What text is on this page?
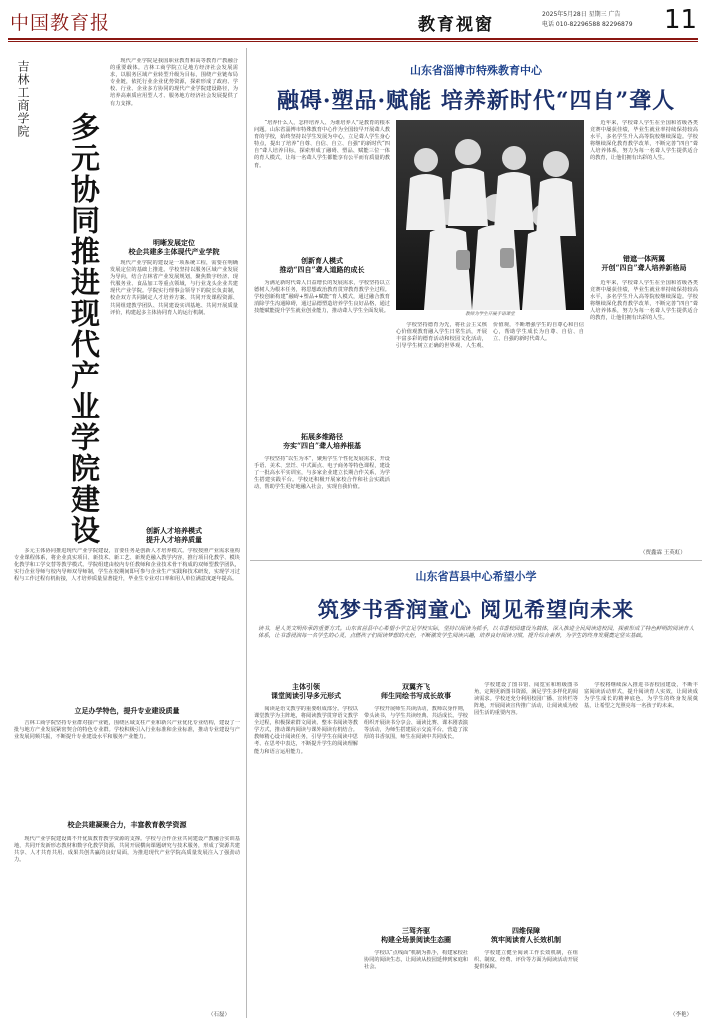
中国教育报	教育视窗
2025年5月28日 星期三 广告
电话 010-82296588 82296879 11
吉林工商学院
多元协同推进现代产业学院建设

现代产业学院是我国职业教育和高等教育产教融合的重要载体。吉林工商学院立足地方经济社会发展需求，以服务区域产业转型升级为目标，围绕产业链布局专业链，依托行业企业优势资源，探索形成了政府、学校、行业、企业多方协同的现代产业学院建设路径，为培养高素质应用型人才、服务地方经济社会发展提供了有力支撑。

明晰发展定位
校企共建多主体现代产业学院

现代产业学院的建设是一项系统工程，需要在明确发展定位的基础上推进。学校坚持以服务区域产业发展为导向，结合吉林省产业发展规划，聚焦数字经济、现代服务业、食品加工等重点领域，与行业龙头企业共建现代产业学院。学院实行理事会领导下的院长负责制，校企双方共同制定人才培养方案、共同开发课程资源、共同组建教学团队、共同建设实训基地、共同开展质量评价，构建起多主体协同育人的运行机制。

创新人才培养模式
提升人才培养质量

多元主体协同推进现代产业学院建设，首要任务是创新人才培养模式。学校按照产业需求重构专业课程体系，将企业真实项目、新技术、新工艺、新规范融入教学内容，推行项目化教学、模块化教学和工学交替等教学模式。学院组建由校内专任教师和企业技术骨干构成的双师型教学团队，实行企业导师与校内导师双导师制，学生在校期间即可参与企业生产实践和技术研发，实现学习过程与工作过程有机衔接，人才培养质量显著提升，毕业生专业对口率和用人单位满意度逐年提高。

立足办学特色，提升专业建设质量

吉林工商学院坚持专业群对接产业链，围绕区域支柱产业和新兴产业优化专业结构，建设了一批与地方产业发展紧密契合的特色专业群。学校积极引入行业标准和企业标准，推动专业建设与产业发展同频共振，不断提升专业建设水平和服务产业能力。

校企共建凝聚合力，丰富教育教学资源

现代产业学院建设离不开优质教育教学资源的支撑。学校与合作企业共同建设产教融合实训基地，共同开发新形态教材和数字化教学资源，共同开展横向课题研究与技术服务，形成了资源共建共享、人才共育共用、成果共创共赢的良好局面，为推进现代产业学院高质量发展注入了强劲动力。

（石磊）
山东省淄博市特殊教育中心
融碍·塑品·赋能 培养新时代“四自”聋人

“培养什么人，怎样培养人、为谁培养人”是教育的根本问题。山东省淄博市特殊教育中心作为全国较早开展聋人教育的学校，始终坚持以学生发展为中心，立足聋人学生身心特点，提出了培养“自尊、自信、自立、自强”的新时代“四自”聋人培养目标，探索形成了融碍、塑品、赋能三位一体的育人模式，让每一名聋人学生都能享有公平而有质量的教育。

创新育人模式
推动“四自”聋人道路的成长

为满足新时代聋人日益增长的发展需求，学校坚持以立德树人为根本任务，将思想政治教育贯穿教育教学全过程。学校创新构建“融碍+塑品+赋能”育人模式，通过融合教育消除学生沟通障碍，通过品德塑造培养学生良好品格，通过技能赋能提升学生就业创业能力，推动聋人学生全面发展。

拓展多维路径
夯实“四自”聋人培养根基

学校坚持“以生为本”，聚焦学生个性化发展需求，开设手语、美术、烹饪、中式面点、电子商务等特色课程，建设了一批高水平实训室，与多家企业建立长期合作关系，为学生搭建实践平台。学校还积极开展家校合作和社会实践活动，帮助学生更好地融入社会，实现自我价值。

教师为学生开展手语课堂

学校坚持德育为先，将社会主义核心价值观教育融入学生日常生活，开展丰富多彩的德育活动和校园文化活动，引导学生树立正确的世界观、人生观、价值观，不断增强学生的自尊心和自信心，帮助学生成长为自尊、自信、自立、自强的新时代聋人。

近年来，学校聋人学生在全国和省级各类竞赛中屡获佳绩，毕业生就业率持续保持较高水平，多名学生升入高等院校继续深造。学校将继续深化教育教学改革，不断完善“四自”聋人培养体系，努力为每一名聋人学生提供适合的教育，让他们拥有出彩的人生。

错遮一体两翼
开创“四自”聋人培养新格局

近年来，学校聋人学生在全国和省级各类竞赛中屡获佳绩，毕业生就业率持续保持较高水平，多名学生升入高等院校继续深造。学校将继续深化教育教学改革，不断完善“四自”聋人培养体系，努力为每一名聋人学生提供适合的教育，让他们拥有出彩的人生。

（贾鑫霖 王英虹）
山东省莒县中心希望小学
筑梦书香润童心 阅见希望向未来
读书，是人类文明传承的重要方式。山东省莒县中心希望小学立足学校实际，坚持以阅读为抓手，以书香校园建设为载体，深入推进全民阅读进校园，探索形成了特色鲜明的阅读育人体系，让书香浸润每一名学生的心灵，点燃孩子们阅读梦想的火炬，不断激发学生阅读兴趣，培养良好阅读习惯，提升综合素养，为学生的终身发展奠定坚实基础。
主体引领
课堂阅读引导多元形式

阅读是语文教学的重要组成部分。学校以课堂教学为主阵地，将阅读教学贯穿语文教学全过程，积极探索群文阅读、整本书阅读等教学方式，推动课内阅读与课外阅读有机结合。教师精心设计阅读任务，引导学生在阅读中思考、在思考中表达，不断提升学生的阅读理解能力和语言运用能力。

双翼齐飞
师生同绘书写成长故事

学校开展师生共读活动，教师以身作则，带头读书，与学生共读经典、共话成长。学校组织开展读书分享会、诵读比赛、课本剧表演等活动，为师生搭建展示交流平台，营造了浓厚的书香氛围，师生在阅读中共同成长。

三驾齐驱
构建全场景阅读生态圈

学校以“点线面”机制为抓手，构建家校社协同的阅读生态，让阅读从校园延伸到家庭和社会。

学校建设了图书馆、阅览室和班级图书角，定期更新图书资源，满足学生多样化的阅读需求。学校还充分利用校园广播、宣传栏等阵地，开展阅读宣传推广活动，让阅读成为校园生活的重要内容。

四维保障
筑牢阅读育人长效机制

学校建立健全阅读工作长效机制，在组织、制度、经费、评价等方面为阅读活动开展提供保障。

学校将继续深入推进书香校园建设，不断丰富阅读活动形式，提升阅读育人实效，让阅读成为学生成长的精神底色，为学生的终身发展奠基，让希望之光照亮每一名孩子的未来。

（李艳）
